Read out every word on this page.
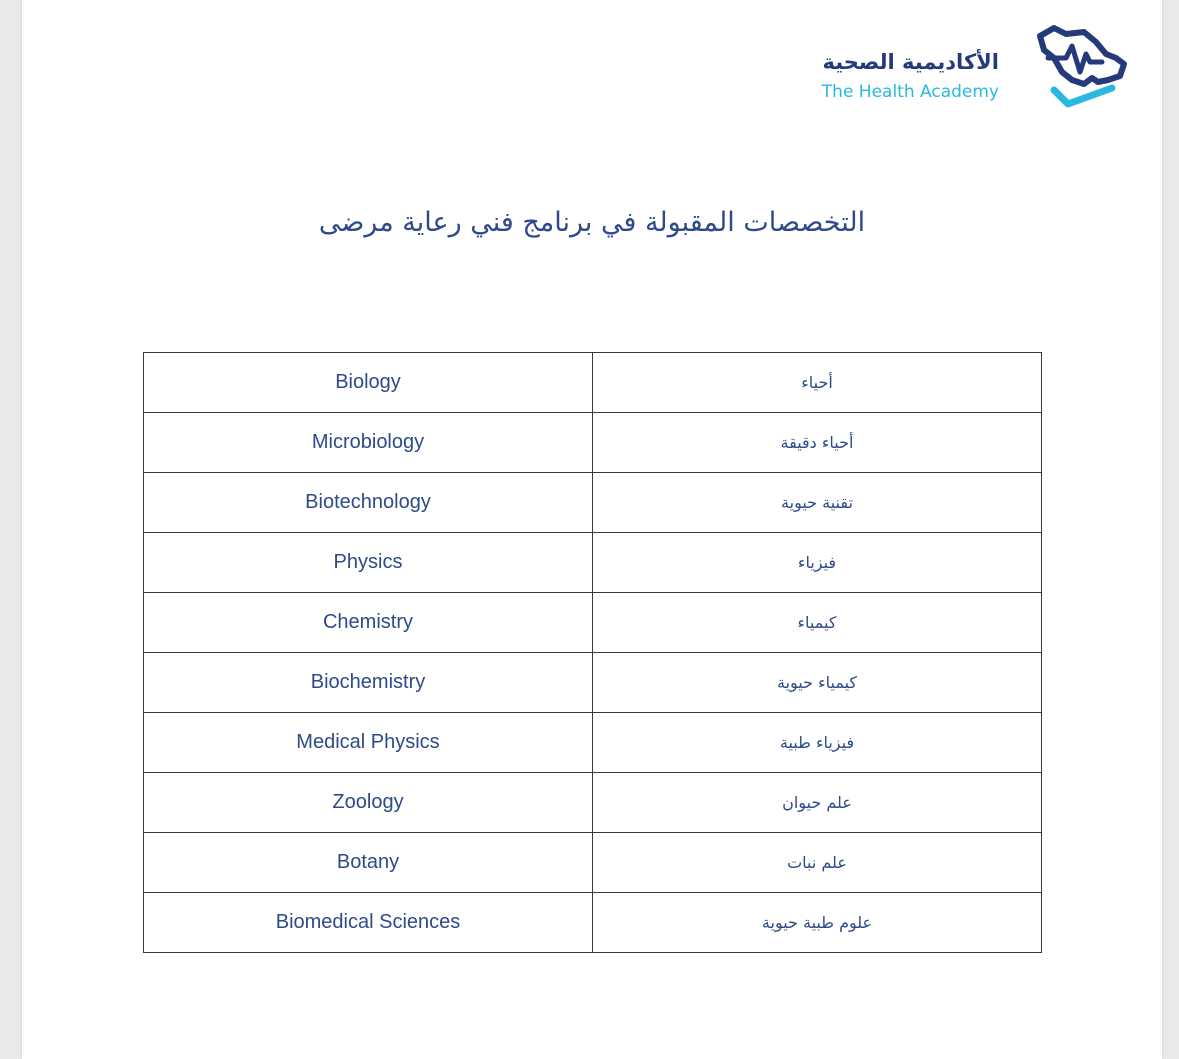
الأكاديمية الصحية
The Health Academy
التخصصات المقبولة في برنامج فني رعاية مرضى
Biology	أحياء
Microbiology	أحياء دقيقة
Biotechnology	تقنية حيوية
Physics	فيزياء
Chemistry	كيمياء
Biochemistry	كيمياء حيوية
Medical Physics	فيزياء طبية
Zoology	علم حيوان
Botany	علم نبات
Biomedical Sciences	علوم طبية حيوية
